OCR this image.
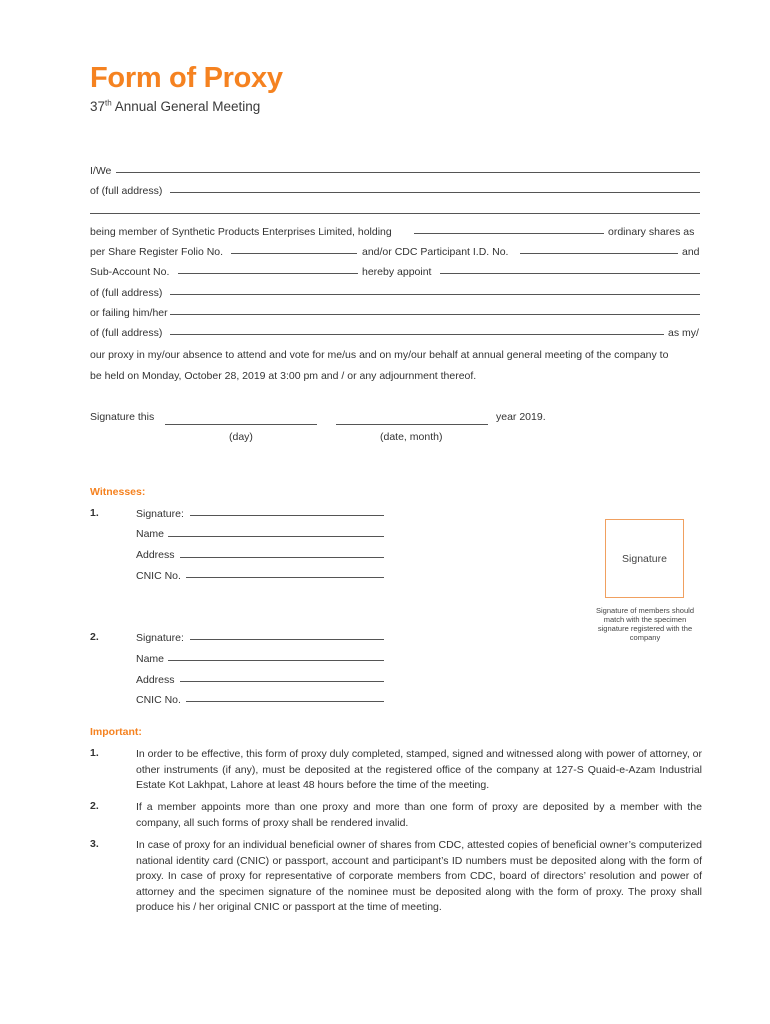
Form of Proxy
37th Annual General Meeting
I/We
of (full address)
being member of Synthetic Products Enterprises Limited, holding	ordinary shares as
per Share Register Folio No.	and/or CDC Participant I.D. No.	and
Sub-Account No.	hereby appoint
of (full address)
or failing him/her
of (full address)	as my/
our proxy in my/our absence to attend and vote for me/us and on my/our behalf at annual general meeting of the company to
be held on Monday, October 28, 2019 at 3:00 pm and / or any adjournment thereof.
Signature this	year 2019.
(day)	(date, month)
Witnesses:
1.	Signature:
Name
Address
CNIC No.
2.	Signature:
Name
Address
CNIC No.
Signature
Signature of members should match with the specimen signature registered with the company
Important:
1.	In order to be effective, this form of proxy duly completed, stamped, signed and witnessed along with power of attorney, or other instruments (if any), must be deposited at the registered office of the company at 127-S Quaid-e-Azam Industrial Estate Kot Lakhpat, Lahore at least 48 hours before the time of the meeting.
2.	If a member appoints more than one proxy and more than one form of proxy are deposited by a member with the company, all such forms of proxy shall be rendered invalid.
3.	In case of proxy for an individual beneficial owner of shares from CDC, attested copies of beneficial owner’s computerized national identity card (CNIC) or passport, account and participant’s ID numbers must be deposited along with the form of proxy. In case of proxy for representative of corporate members from CDC, board of directors’ resolution and power of attorney and the specimen signature of the nominee must be deposited along with the form of proxy. The proxy shall produce his / her original CNIC or passport at the time of meeting.
